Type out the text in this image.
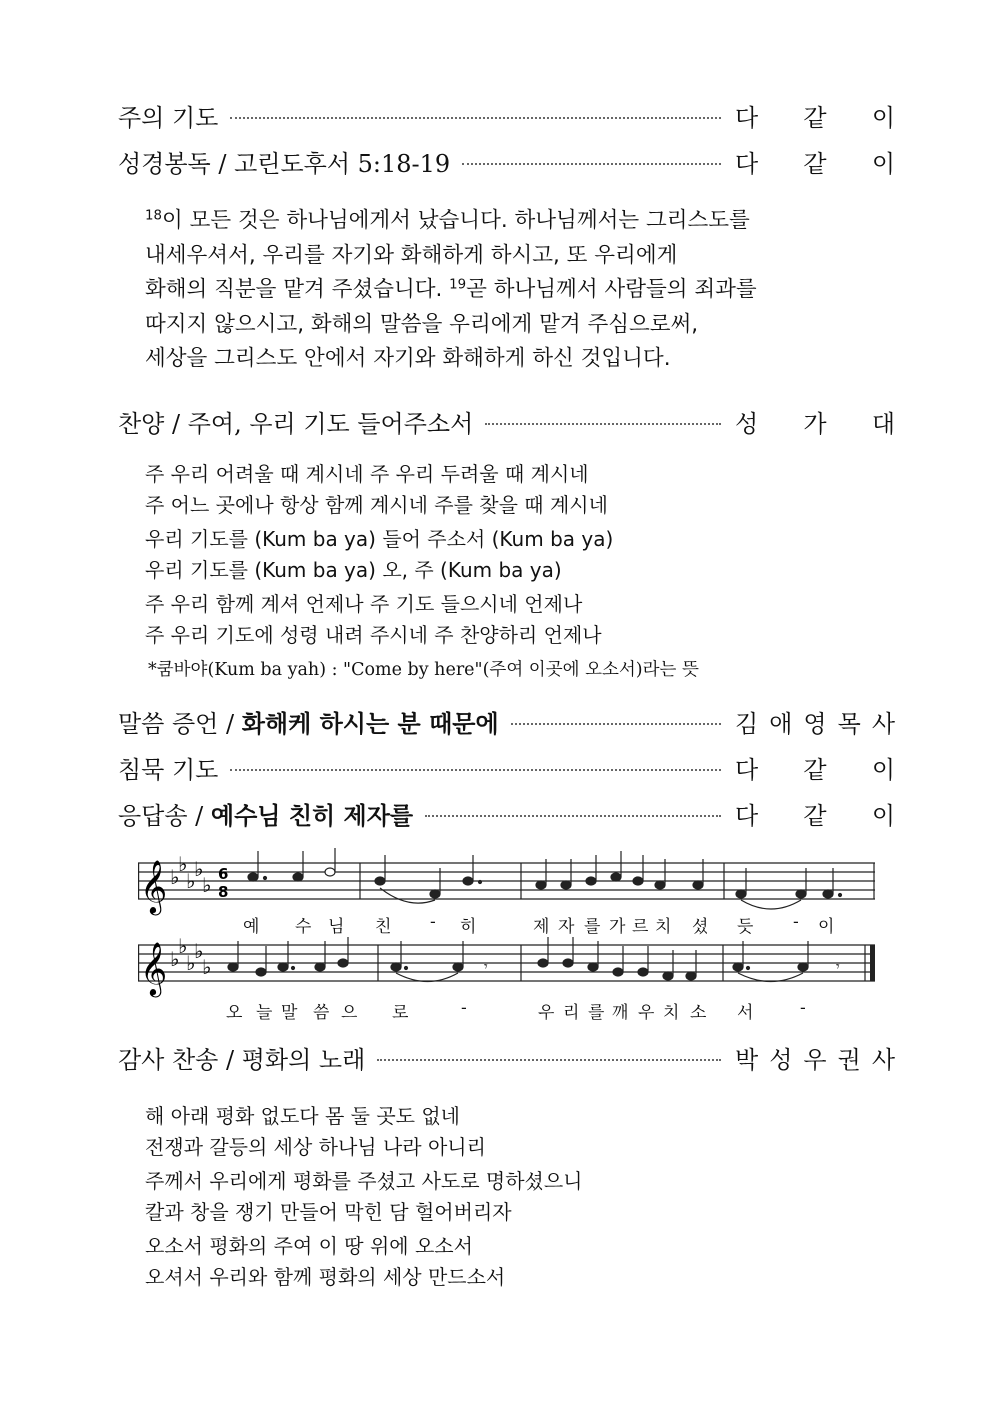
주의 기도	다 같 이
성경봉독 / 고린도후서 5:18-19	다 같 이
$^{18}$이 모든 것은 하나님에게서 났습니다. 하나님께서는 그리스도를
내세우셔서, 우리를 자기와 화해하게 하시고, 또 우리에게
화해의 직분을 맡겨 주셨습니다. $^{19}$곧 하나님께서 사람들의 죄과를
따지지 않으시고, 화해의 말씀을 우리에게 맡겨 주심으로써,
세상을 그리스도 안에서 자기와 화해하게 하신 것입니다.
찬양 / 주여, 우리 기도 들어주소서	성 가 대
주 우리 어려울 때 계시네 주 우리 두려울 때 계시네
주 어느 곳에나 항상 함께 계시네 주를 찾을 때 계시네
우리 기도를 (Kum ba ya) 들어 주소서 (Kum ba ya)
우리 기도를 (Kum ba ya) 오, 주 (Kum ba ya)
주 우리 함께 계셔 언제나 주 기도 들으시네 언제나
주 우리 기도에 성령 내려 주시네 주 찬양하리 언제나
*쿰바야(Kum ba yah) : "Come by here"(주여 이곳에 오소서)라는 뜻
말씀 증언 / 화해케 하시는 분 때문에	김 애 영 목 사
침묵 기도	다 같 이
응답송 / 예수님 친히 제자를	다 같 이
𝄞 ♭
♭
♭
♭
♭ 6
8
예 수 님 친 - 히	제 자 를 가 르 치 셨 듯 - 이
𝄞 ♭
♭
♭
♭
♭	𝄾	𝄾
오 늘 말 씀 으 로	-	우 리 를 깨 우 치 소 서	-
감사 찬송 / 평화의 노래	박 성 우 권 사
해 아래 평화 없도다 몸 둘 곳도 없네
전쟁과 갈등의 세상 하나님 나라 아니리
주께서 우리에게 평화를 주셨고 사도로 명하셨으니
칼과 창을 쟁기 만들어 막힌 담 헐어버리자
오소서 평화의 주여 이 땅 위에 오소서
오셔서 우리와 함께 평화의 세상 만드소서
